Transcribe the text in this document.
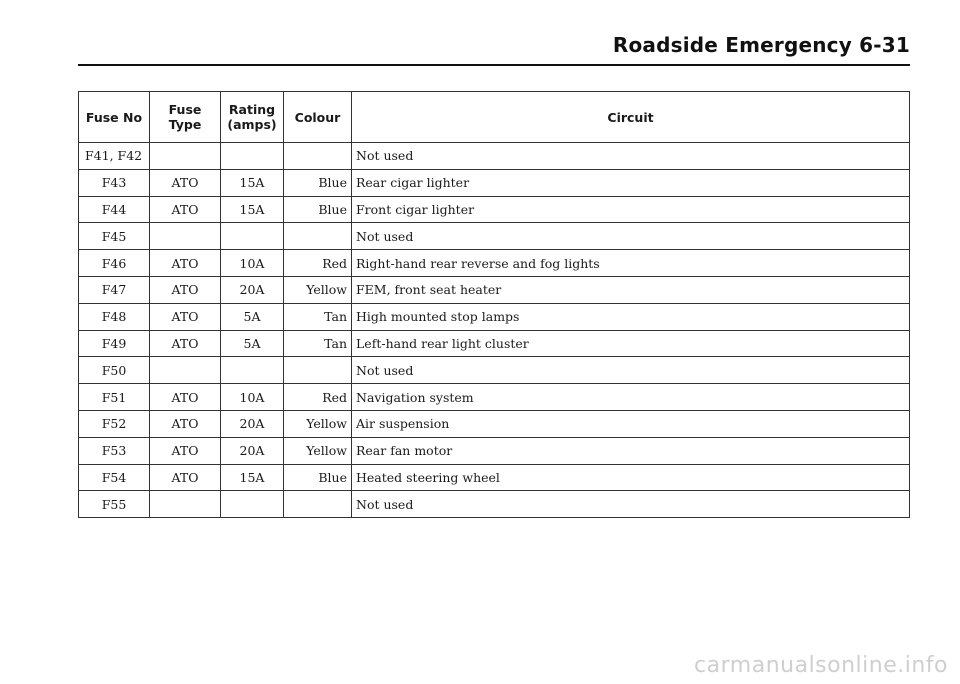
Roadside Emergency 6-31
Fuse No	Fuse Type	Rating (amps)	Colour	Circuit
F41, F42				Not used
F43	ATO	15A	Blue	Rear cigar lighter
F44	ATO	15A	Blue	Front cigar lighter
F45				Not used
F46	ATO	10A	Red	Right-hand rear reverse and fog lights
F47	ATO	20A	Yellow	FEM, front seat heater
F48	ATO	5A	Tan	High mounted stop lamps
F49	ATO	5A	Tan	Left-hand rear light cluster
F50				Not used
F51	ATO	10A	Red	Navigation system
F52	ATO	20A	Yellow	Air suspension
F53	ATO	20A	Yellow	Rear fan motor
F54	ATO	15A	Blue	Heated steering wheel
F55				Not used
carmanualsonline.info
